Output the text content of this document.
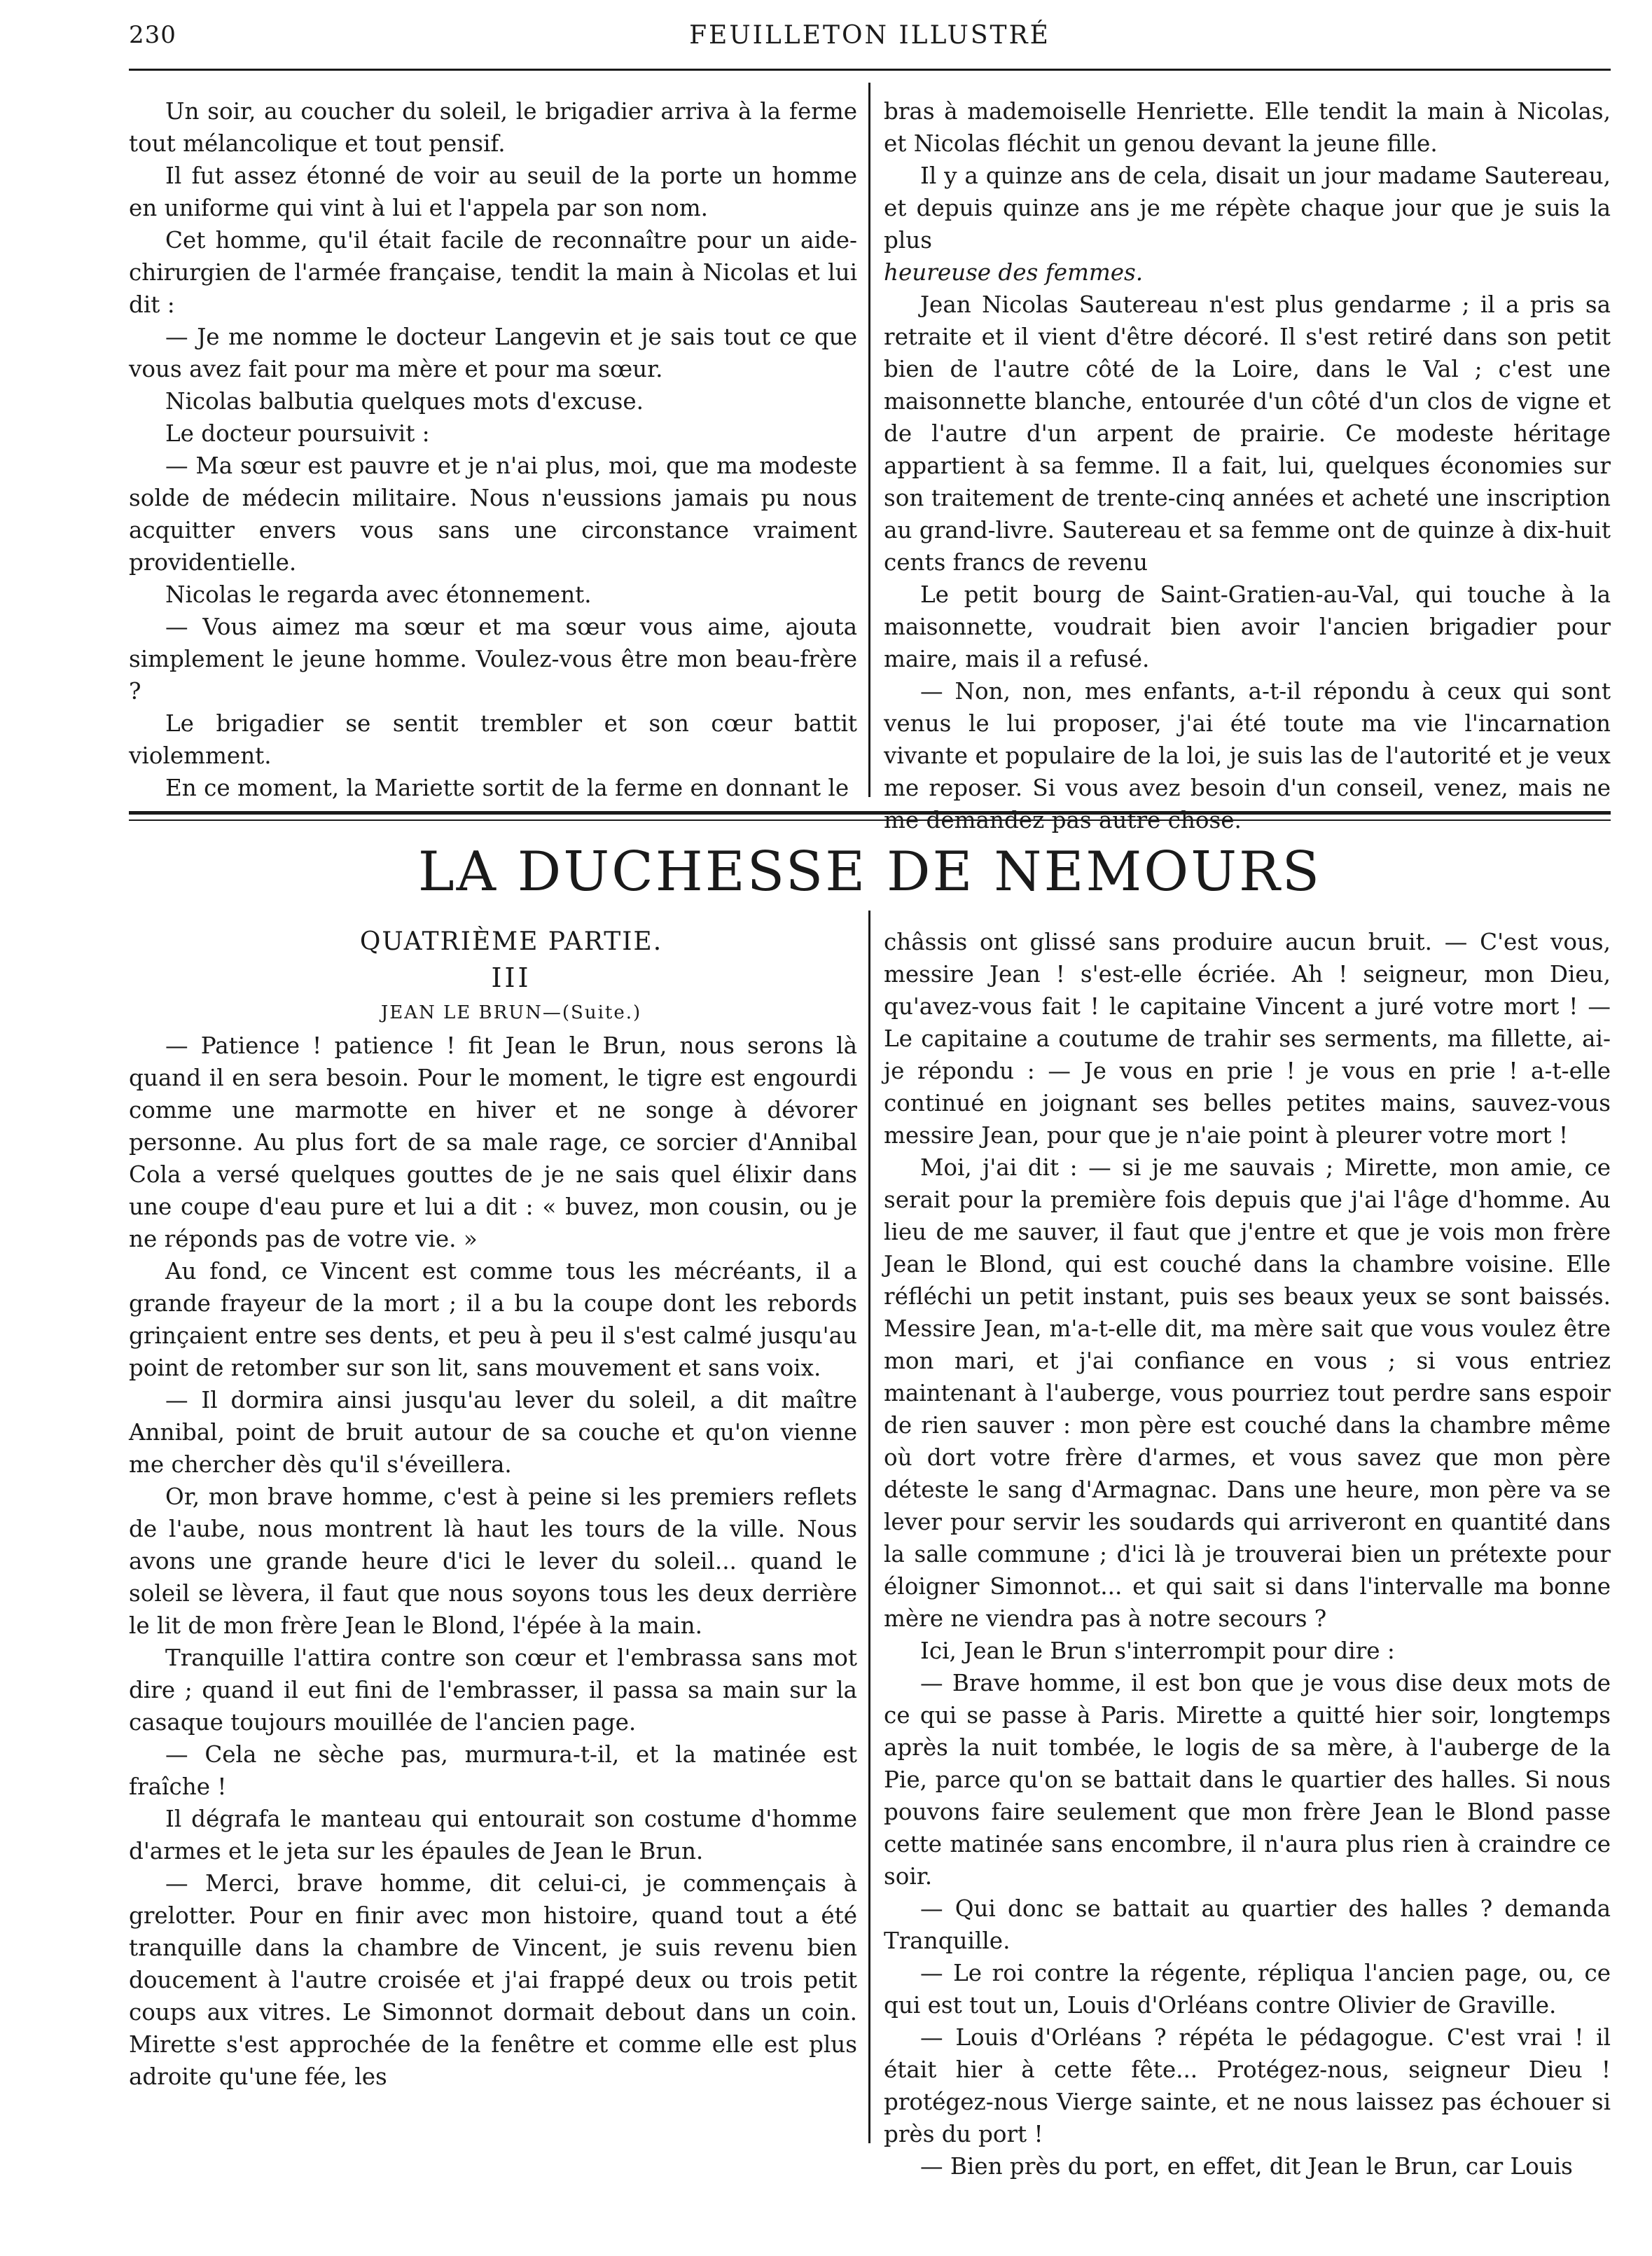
230	FEUILLETON ILLUSTRÉ

Un soir, au coucher du soleil, le brigadier arriva à la ferme tout mélancolique et tout pensif.

Il fut assez étonné de voir au seuil de la porte un homme en uniforme qui vint à lui et l'appela par son nom.

Cet homme, qu'il était facile de reconnaître pour un aide-chirurgien de l'armée française, tendit la main à Nicolas et lui dit :

— Je me nomme le docteur Langevin et je sais tout ce que vous avez fait pour ma mère et pour ma sœur.

Nicolas balbutia quelques mots d'excuse.

Le docteur poursuivit :

— Ma sœur est pauvre et je n'ai plus, moi, que ma modeste solde de médecin militaire. Nous n'eussions jamais pu nous acquitter envers vous sans une circonstance vraiment providentielle.

Nicolas le regarda avec étonnement.

— Vous aimez ma sœur et ma sœur vous aime, ajouta simplement le jeune homme. Voulez-vous être mon beau-frère ?

Le brigadier se sentit trembler et son cœur battit violemment.

En ce moment, la Mariette sortit de la ferme en donnant le

bras à mademoiselle Henriette. Elle tendit la main à Nicolas, et Nicolas fléchit un genou devant la jeune fille.

Il y a quinze ans de cela, disait un jour madame Sautereau, et depuis quinze ans je me répète chaque jour que je suis la plus

heureuse des femmes.

Jean Nicolas Sautereau n'est plus gendarme ; il a pris sa retraite et il vient d'être décoré. Il s'est retiré dans son petit bien de l'autre côté de la Loire, dans le Val ; c'est une maisonnette blanche, entourée d'un côté d'un clos de vigne et de l'autre d'un arpent de prairie. Ce modeste héritage appartient à sa femme. Il a fait, lui, quelques économies sur son traitement de trente-cinq années et acheté une inscription au grand-livre. Sautereau et sa femme ont de quinze à dix-huit cents francs de revenu

Le petit bourg de Saint-Gratien-au-Val, qui touche à la maisonnette, voudrait bien avoir l'ancien brigadier pour maire, mais il a refusé.

— Non, non, mes enfants, a-t-il répondu à ceux qui sont venus le lui proposer, j'ai été toute ma vie l'incarnation vivante et populaire de la loi, je suis las de l'autorité et je veux me reposer. Si vous avez besoin d'un conseil, venez, mais ne me demandez pas autre chose.

LA DUCHESSE DE NEMOURS

QUATRIÈME PARTIE.

III

JEAN LE BRUN—(Suite.)

— Patience ! patience ! fit Jean le Brun, nous serons là quand il en sera besoin. Pour le moment, le tigre est engourdi comme une marmotte en hiver et ne songe à dévorer personne. Au plus fort de sa male rage, ce sorcier d'Annibal Cola a versé quelques gouttes de je ne sais quel élixir dans une coupe d'eau pure et lui a dit : « buvez, mon cousin, ou je ne réponds pas de votre vie. »

Au fond, ce Vincent est comme tous les mécréants, il a grande frayeur de la mort ; il a bu la coupe dont les rebords grinçaient entre ses dents, et peu à peu il s'est calmé jusqu'au point de retomber sur son lit, sans mouvement et sans voix.

— Il dormira ainsi jusqu'au lever du soleil, a dit maître Annibal, point de bruit autour de sa couche et qu'on vienne me chercher dès qu'il s'éveillera.

Or, mon brave homme, c'est à peine si les premiers reflets de l'aube, nous montrent là haut les tours de la ville. Nous avons une grande heure d'ici le lever du soleil... quand le soleil se lèvera, il faut que nous soyons tous les deux derrière le lit de mon frère Jean le Blond, l'épée à la main.

Tranquille l'attira contre son cœur et l'embrassa sans mot dire ; quand il eut fini de l'embrasser, il passa sa main sur la casaque toujours mouillée de l'ancien page.

— Cela ne sèche pas, murmura-t-il, et la matinée est fraîche !

Il dégrafa le manteau qui entourait son costume d'homme d'armes et le jeta sur les épaules de Jean le Brun.

— Merci, brave homme, dit celui-ci, je commençais à grelotter. Pour en finir avec mon histoire, quand tout a été tranquille dans la chambre de Vincent, je suis revenu bien doucement à l'autre croisée et j'ai frappé deux ou trois petit coups aux vitres. Le Simonnot dormait debout dans un coin. Mirette s'est approchée de la fenêtre et comme elle est plus adroite qu'une fée, les

châssis ont glissé sans produire aucun bruit. — C'est vous, messire Jean ! s'est-elle écriée. Ah ! seigneur, mon Dieu, qu'avez-vous fait ! le capitaine Vincent a juré votre mort ! — Le capitaine a coutume de trahir ses serments, ma fillette, ai-je répondu : — Je vous en prie ! je vous en prie ! a-t-elle continué en joignant ses belles petites mains, sauvez-vous messire Jean, pour que je n'aie point à pleurer votre mort !

Moi, j'ai dit : — si je me sauvais ; Mirette, mon amie, ce serait pour la première fois depuis que j'ai l'âge d'homme. Au lieu de me sauver, il faut que j'entre et que je vois mon frère Jean le Blond, qui est couché dans la chambre voisine. Elle réfléchi un petit instant, puis ses beaux yeux se sont baissés. Messire Jean, m'a-t-elle dit, ma mère sait que vous voulez être mon mari, et j'ai confiance en vous ; si vous entriez maintenant à l'auberge, vous pourriez tout perdre sans espoir de rien sauver : mon père est couché dans la chambre même où dort votre frère d'armes, et vous savez que mon père déteste le sang d'Armagnac. Dans une heure, mon père va se lever pour servir les soudards qui arriveront en quantité dans la salle commune ; d'ici là je trouverai bien un prétexte pour éloigner Simonnot... et qui sait si dans l'intervalle ma bonne mère ne viendra pas à notre secours ?

Ici, Jean le Brun s'interrompit pour dire :

— Brave homme, il est bon que je vous dise deux mots de ce qui se passe à Paris. Mirette a quitté hier soir, longtemps après la nuit tombée, le logis de sa mère, à l'auberge de la Pie, parce qu'on se battait dans le quartier des halles. Si nous pouvons faire seulement que mon frère Jean le Blond passe cette matinée sans encombre, il n'aura plus rien à craindre ce soir.

— Qui donc se battait au quartier des halles ? demanda Tranquille.

— Le roi contre la régente, répliqua l'ancien page, ou, ce qui est tout un, Louis d'Orléans contre Olivier de Graville.

— Louis d'Orléans ? répéta le pédagogue. C'est vrai ! il était hier à cette fête... Protégez-nous, seigneur Dieu ! protégez-nous Vierge sainte, et ne nous laissez pas échouer si près du port !

— Bien près du port, en effet, dit Jean le Brun, car Louis
